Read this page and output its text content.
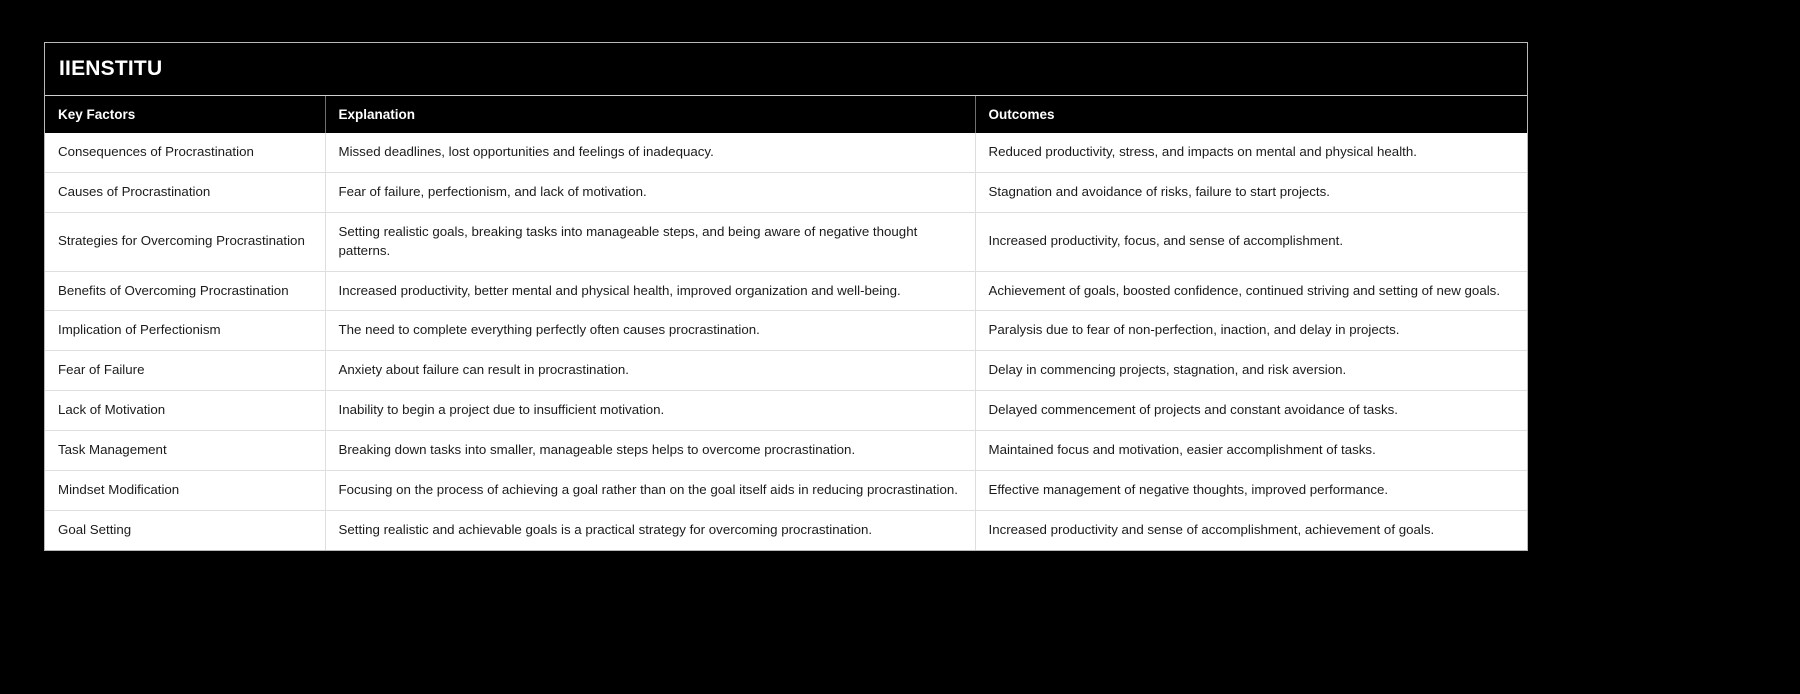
IIENSTITU
Key Factors	Explanation	Outcomes
Consequences of Procrastination	Missed deadlines, lost opportunities and feelings of inadequacy.	Reduced productivity, stress, and impacts on mental and physical health.
Causes of Procrastination	Fear of failure, perfectionism, and lack of motivation.	Stagnation and avoidance of risks, failure to start projects.
Strategies for Overcoming Procrastination	Setting realistic goals, breaking tasks into manageable steps, and being aware of negative thought patterns.	Increased productivity, focus, and sense of accomplishment.
Benefits of Overcoming Procrastination	Increased productivity, better mental and physical health, improved organization and well-being.	Achievement of goals, boosted confidence, continued striving and setting of new goals.
Implication of Perfectionism	The need to complete everything perfectly often causes procrastination.	Paralysis due to fear of non-perfection, inaction, and delay in projects.
Fear of Failure	Anxiety about failure can result in procrastination.	Delay in commencing projects, stagnation, and risk aversion.
Lack of Motivation	Inability to begin a project due to insufficient motivation.	Delayed commencement of projects and constant avoidance of tasks.
Task Management	Breaking down tasks into smaller, manageable steps helps to overcome procrastination.	Maintained focus and motivation, easier accomplishment of tasks.
Mindset Modification	Focusing on the process of achieving a goal rather than on the goal itself aids in reducing procrastination.	Effective management of negative thoughts, improved performance.
Goal Setting	Setting realistic and achievable goals is a practical strategy for overcoming procrastination.	Increased productivity and sense of accomplishment, achievement of goals.
